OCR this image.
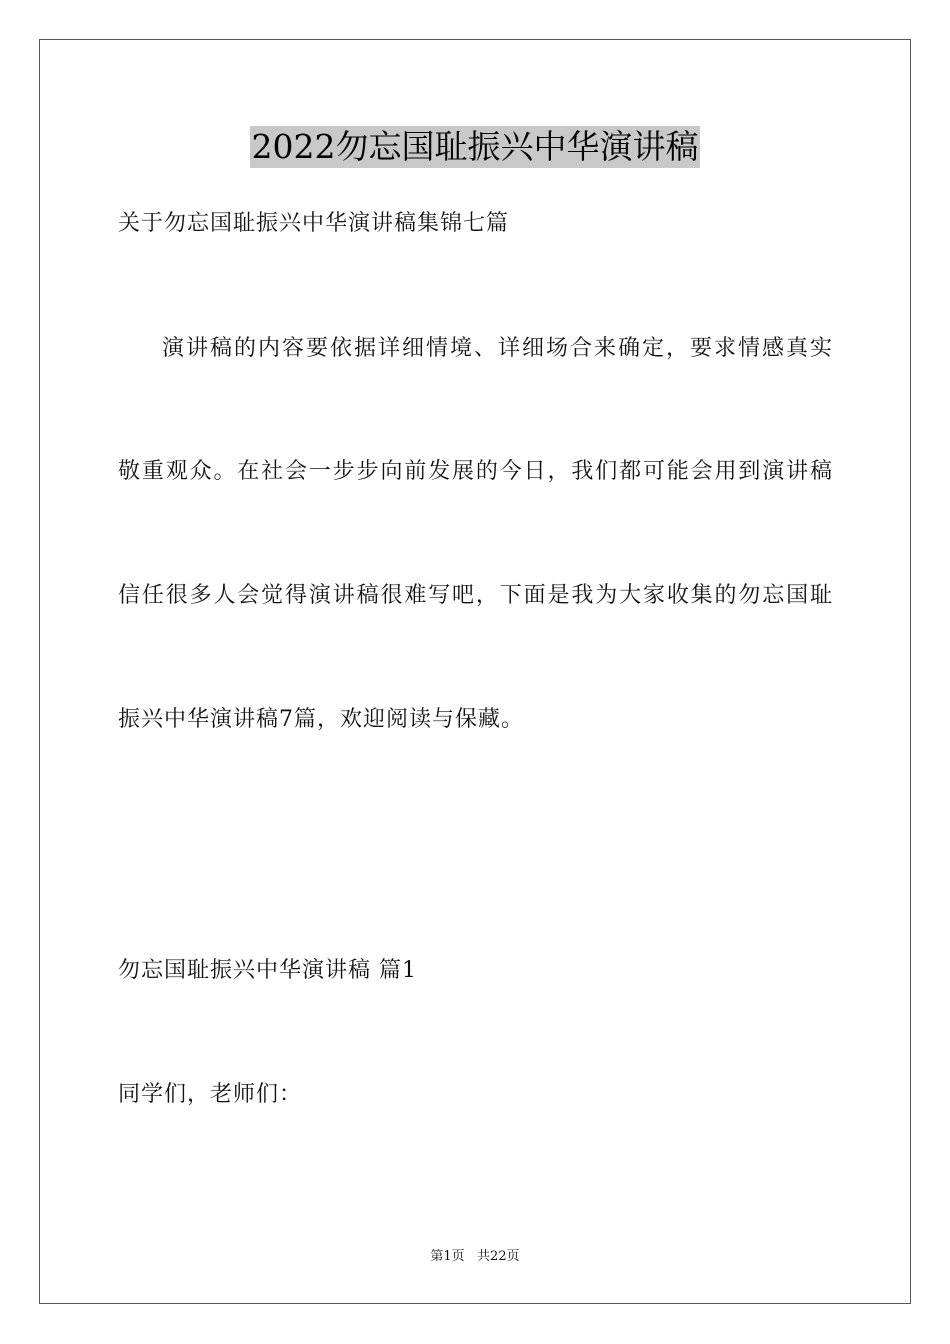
2022勿忘国耻振兴中华演讲稿
关于勿忘国耻振兴中华演讲稿集锦七篇
演讲稿的内容要依据详细情境、详细场合来确定，要求情感真实
敬重观众。在社会一步步向前发展的今日，我们都可能会用到演讲稿
信任很多人会觉得演讲稿很难写吧，下面是我为大家收集的勿忘国耻
振兴中华演讲稿7篇，欢迎阅读与保藏。
勿忘国耻振兴中华演讲稿 篇1
同学们，老师们：
第1页   共22页
